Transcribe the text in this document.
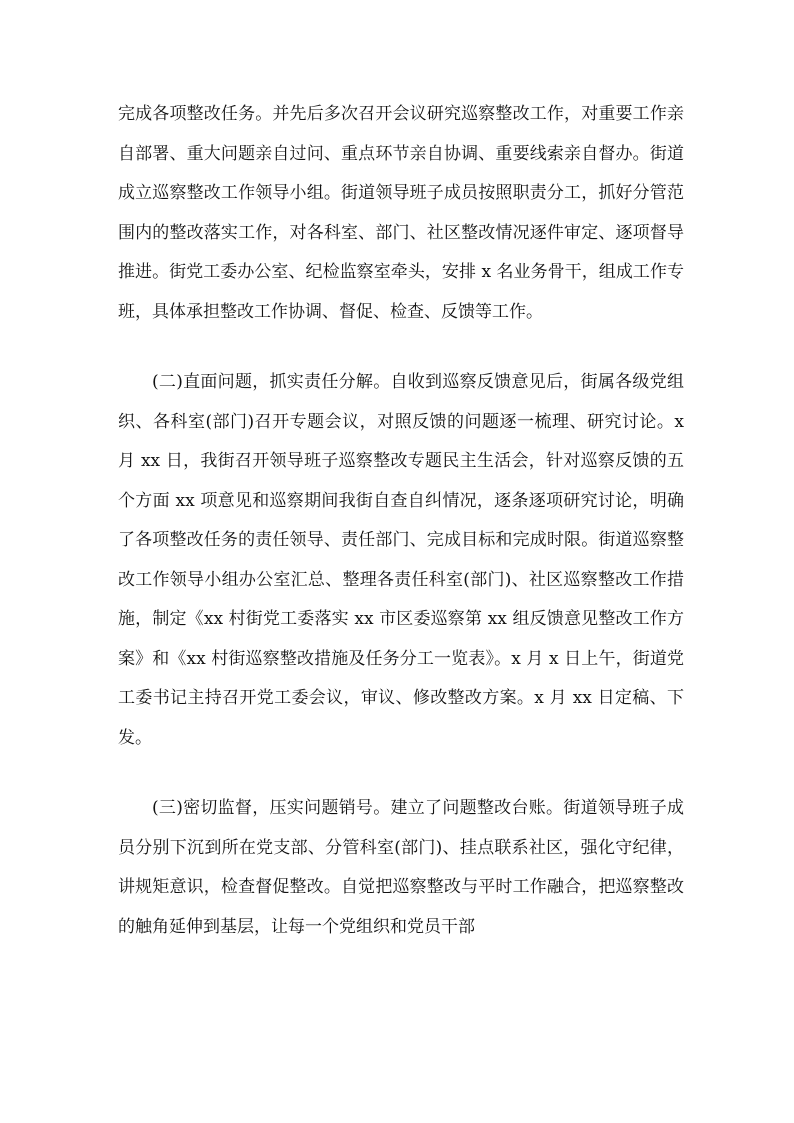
完成各项整改任务。并先后多次召开会议研究巡察整改工作，对重要工作亲自部署、重大问题亲自过问、重点环节亲自协调、重要线索亲自督办。街道成立巡察整改工作领导小组。街道领导班子成员按照职责分工，抓好分管范围内的整改落实工作，对各科室、部门、社区整改情况逐件审定、逐项督导推进。街党工委办公室、纪检监察室牵头，安排 x 名业务骨干，组成工作专班，具体承担整改工作协调、督促、检查、反馈等工作。

(二)直面问题，抓实责任分解。自收到巡察反馈意见后，街属各级党组织、各科室(部门)召开专题会议，对照反馈的问题逐一梳理、研究讨论。x 月 xx 日，我街召开领导班子巡察整改专题民主生活会，针对巡察反馈的五个方面 xx 项意见和巡察期间我街自查自纠情况，逐条逐项研究讨论，明确了各项整改任务的责任领导、责任部门、完成目标和完成时限。街道巡察整改工作领导小组办公室汇总、整理各责任科室(部门)、社区巡察整改工作措施，制定《xx 村街党工委落实 xx 市区委巡察第 xx 组反馈意见整改工作方案》和《xx 村街巡察整改措施及任务分工一览表》。x 月 x 日上午，街道党工委书记主持召开党工委会议，审议、修改整改方案。x 月 xx 日定稿、下发。

(三)密切监督，压实问题销号。建立了问题整改台账。街道领导班子成员分别下沉到所在党支部、分管科室(部门)、挂点联系社区，强化守纪律，讲规矩意识，检查督促整改。自觉把巡察整改与平时工作融合，把巡察整改的触角延伸到基层，让每一个党组织和党员干部
